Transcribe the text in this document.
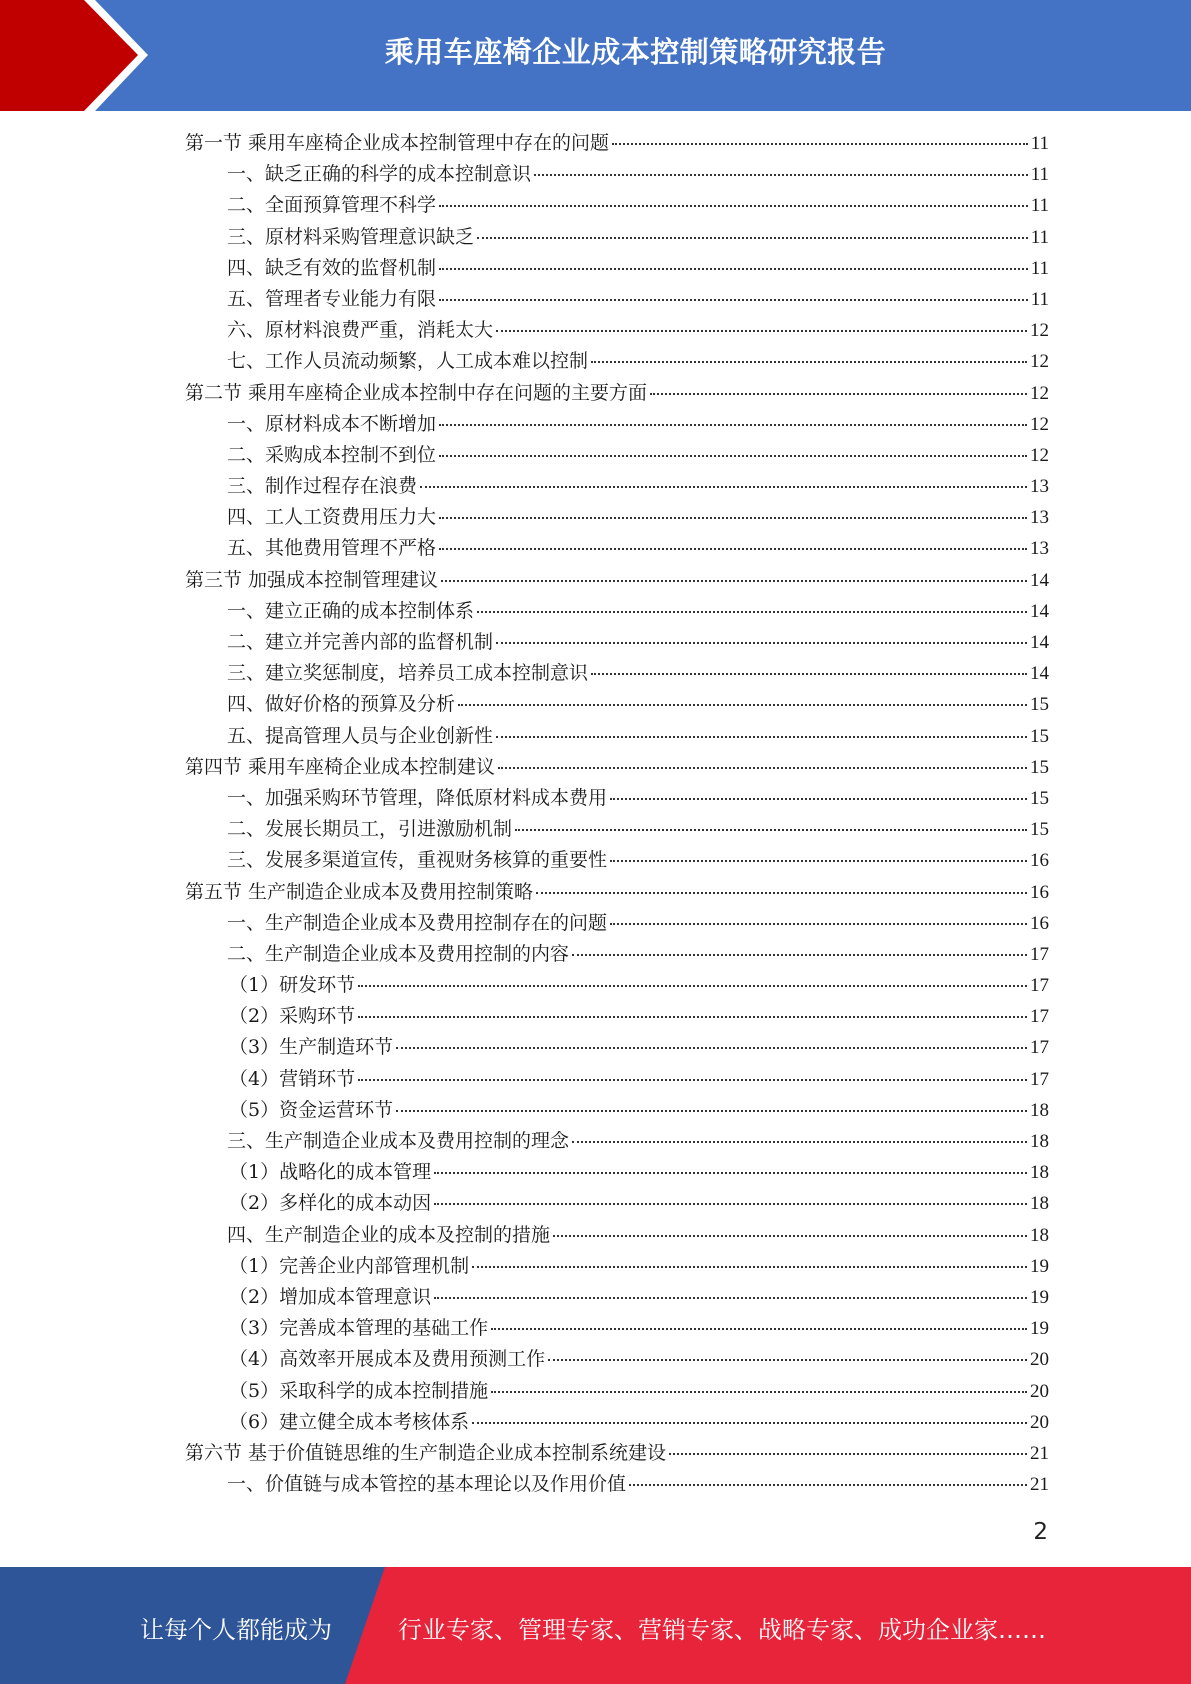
乘用车座椅企业成本控制策略研究报告
第一节 乘用车座椅企业成本控制管理中存在的问题	11
一、缺乏正确的科学的成本控制意识	11
二、全面预算管理不科学	11
三、原材料采购管理意识缺乏	11
四、缺乏有效的监督机制	11
五、管理者专业能力有限	11
六、原材料浪费严重，消耗太大	12
七、工作人员流动频繁，人工成本难以控制	12
第二节 乘用车座椅企业成本控制中存在问题的主要方面	12
一、原材料成本不断增加	12
二、采购成本控制不到位	12
三、制作过程存在浪费	13
四、工人工资费用压力大	13
五、其他费用管理不严格	13
第三节 加强成本控制管理建议	14
一、建立正确的成本控制体系	14
二、建立并完善内部的监督机制	14
三、建立奖惩制度，培养员工成本控制意识	14
四、做好价格的预算及分析	15
五、提高管理人员与企业创新性	15
第四节 乘用车座椅企业成本控制建议	15
一、加强采购环节管理，降低原材料成本费用	15
二、发展长期员工，引进激励机制	15
三、发展多渠道宣传，重视财务核算的重要性	16
第五节 生产制造企业成本及费用控制策略	16
一、生产制造企业成本及费用控制存在的问题	16
二、生产制造企业成本及费用控制的内容	17
（1）研发环节	17
（2）采购环节	17
（3）生产制造环节	17
（4）营销环节	17
（5）资金运营环节	18
三、生产制造企业成本及费用控制的理念	18
（1）战略化的成本管理	18
（2）多样化的成本动因	18
四、生产制造企业的成本及控制的措施	18
（1）完善企业内部管理机制	19
（2）增加成本管理意识	19
（3）完善成本管理的基础工作	19
（4）高效率开展成本及费用预测工作	20
（5）采取科学的成本控制措施	20
（6）建立健全成本考核体系	20
第六节 基于价值链思维的生产制造企业成本控制系统建设	21
一、价值链与成本管控的基本理论以及作用价值	21
2
让每个人都能成为	行业专家、管理专家、营销专家、战略专家、成功企业家……
